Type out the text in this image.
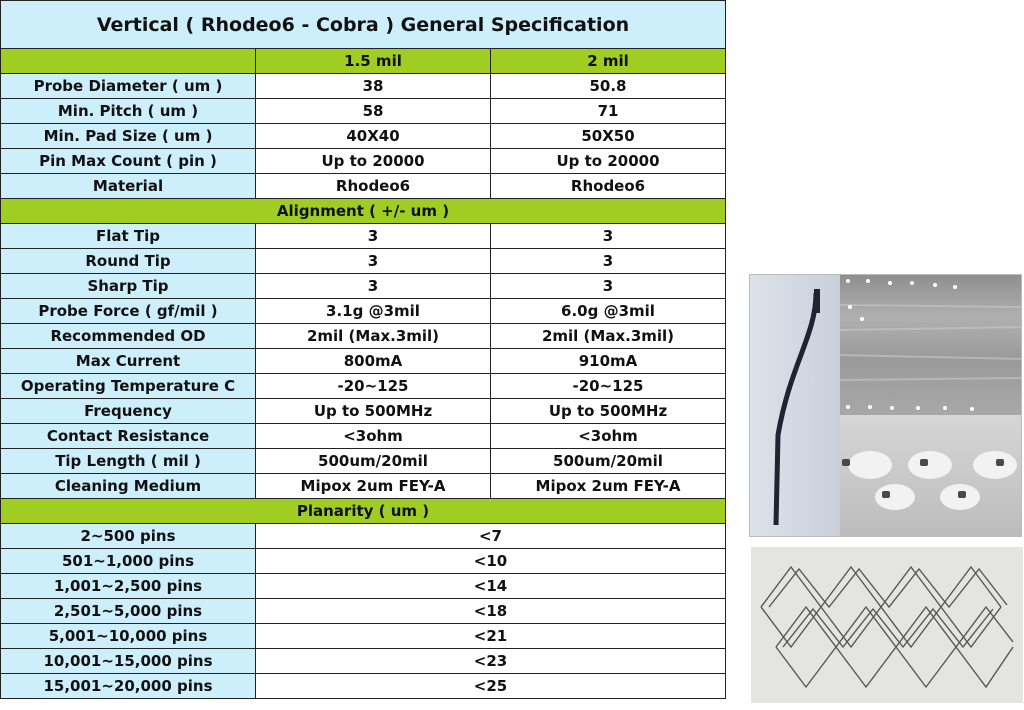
Vertical ( Rhodeo6 - Cobra ) General Specification		
	1.5 mil	2 mil
Probe Diameter ( um )	38	50.8
Min. Pitch ( um )	58	71
Min. Pad Size ( um )	40X40	50X50
Pin Max Count ( pin )	Up to 20000	Up to 20000
Material	Rhodeo6	Rhodeo6
Alignment ( +/- um )		
Flat Tip	3	3
Round Tip	3	3
Sharp Tip	3	3
Probe Force ( gf/mil )	3.1g @3mil	6.0g @3mil
Recommended OD	2mil (Max.3mil)	2mil (Max.3mil)
Max Current	800mA	910mA
Operating Temperature C	-20~125	-20~125
Frequency	Up to 500MHz	Up to 500MHz
Contact Resistance	<3ohm	<3ohm
Tip Length ( mil )	500um/20mil	500um/20mil
Cleaning Medium	Mipox 2um FEY-A	Mipox 2um FEY-A
Planarity ( um )		
2~500 pins	<7	
501~1,000 pins	<10	
1,001~2,500 pins	<14	
2,501~5,000 pins	<18	
5,001~10,000 pins	<21	
10,001~15,000 pins	<23	
15,001~20,000 pins	<25	
